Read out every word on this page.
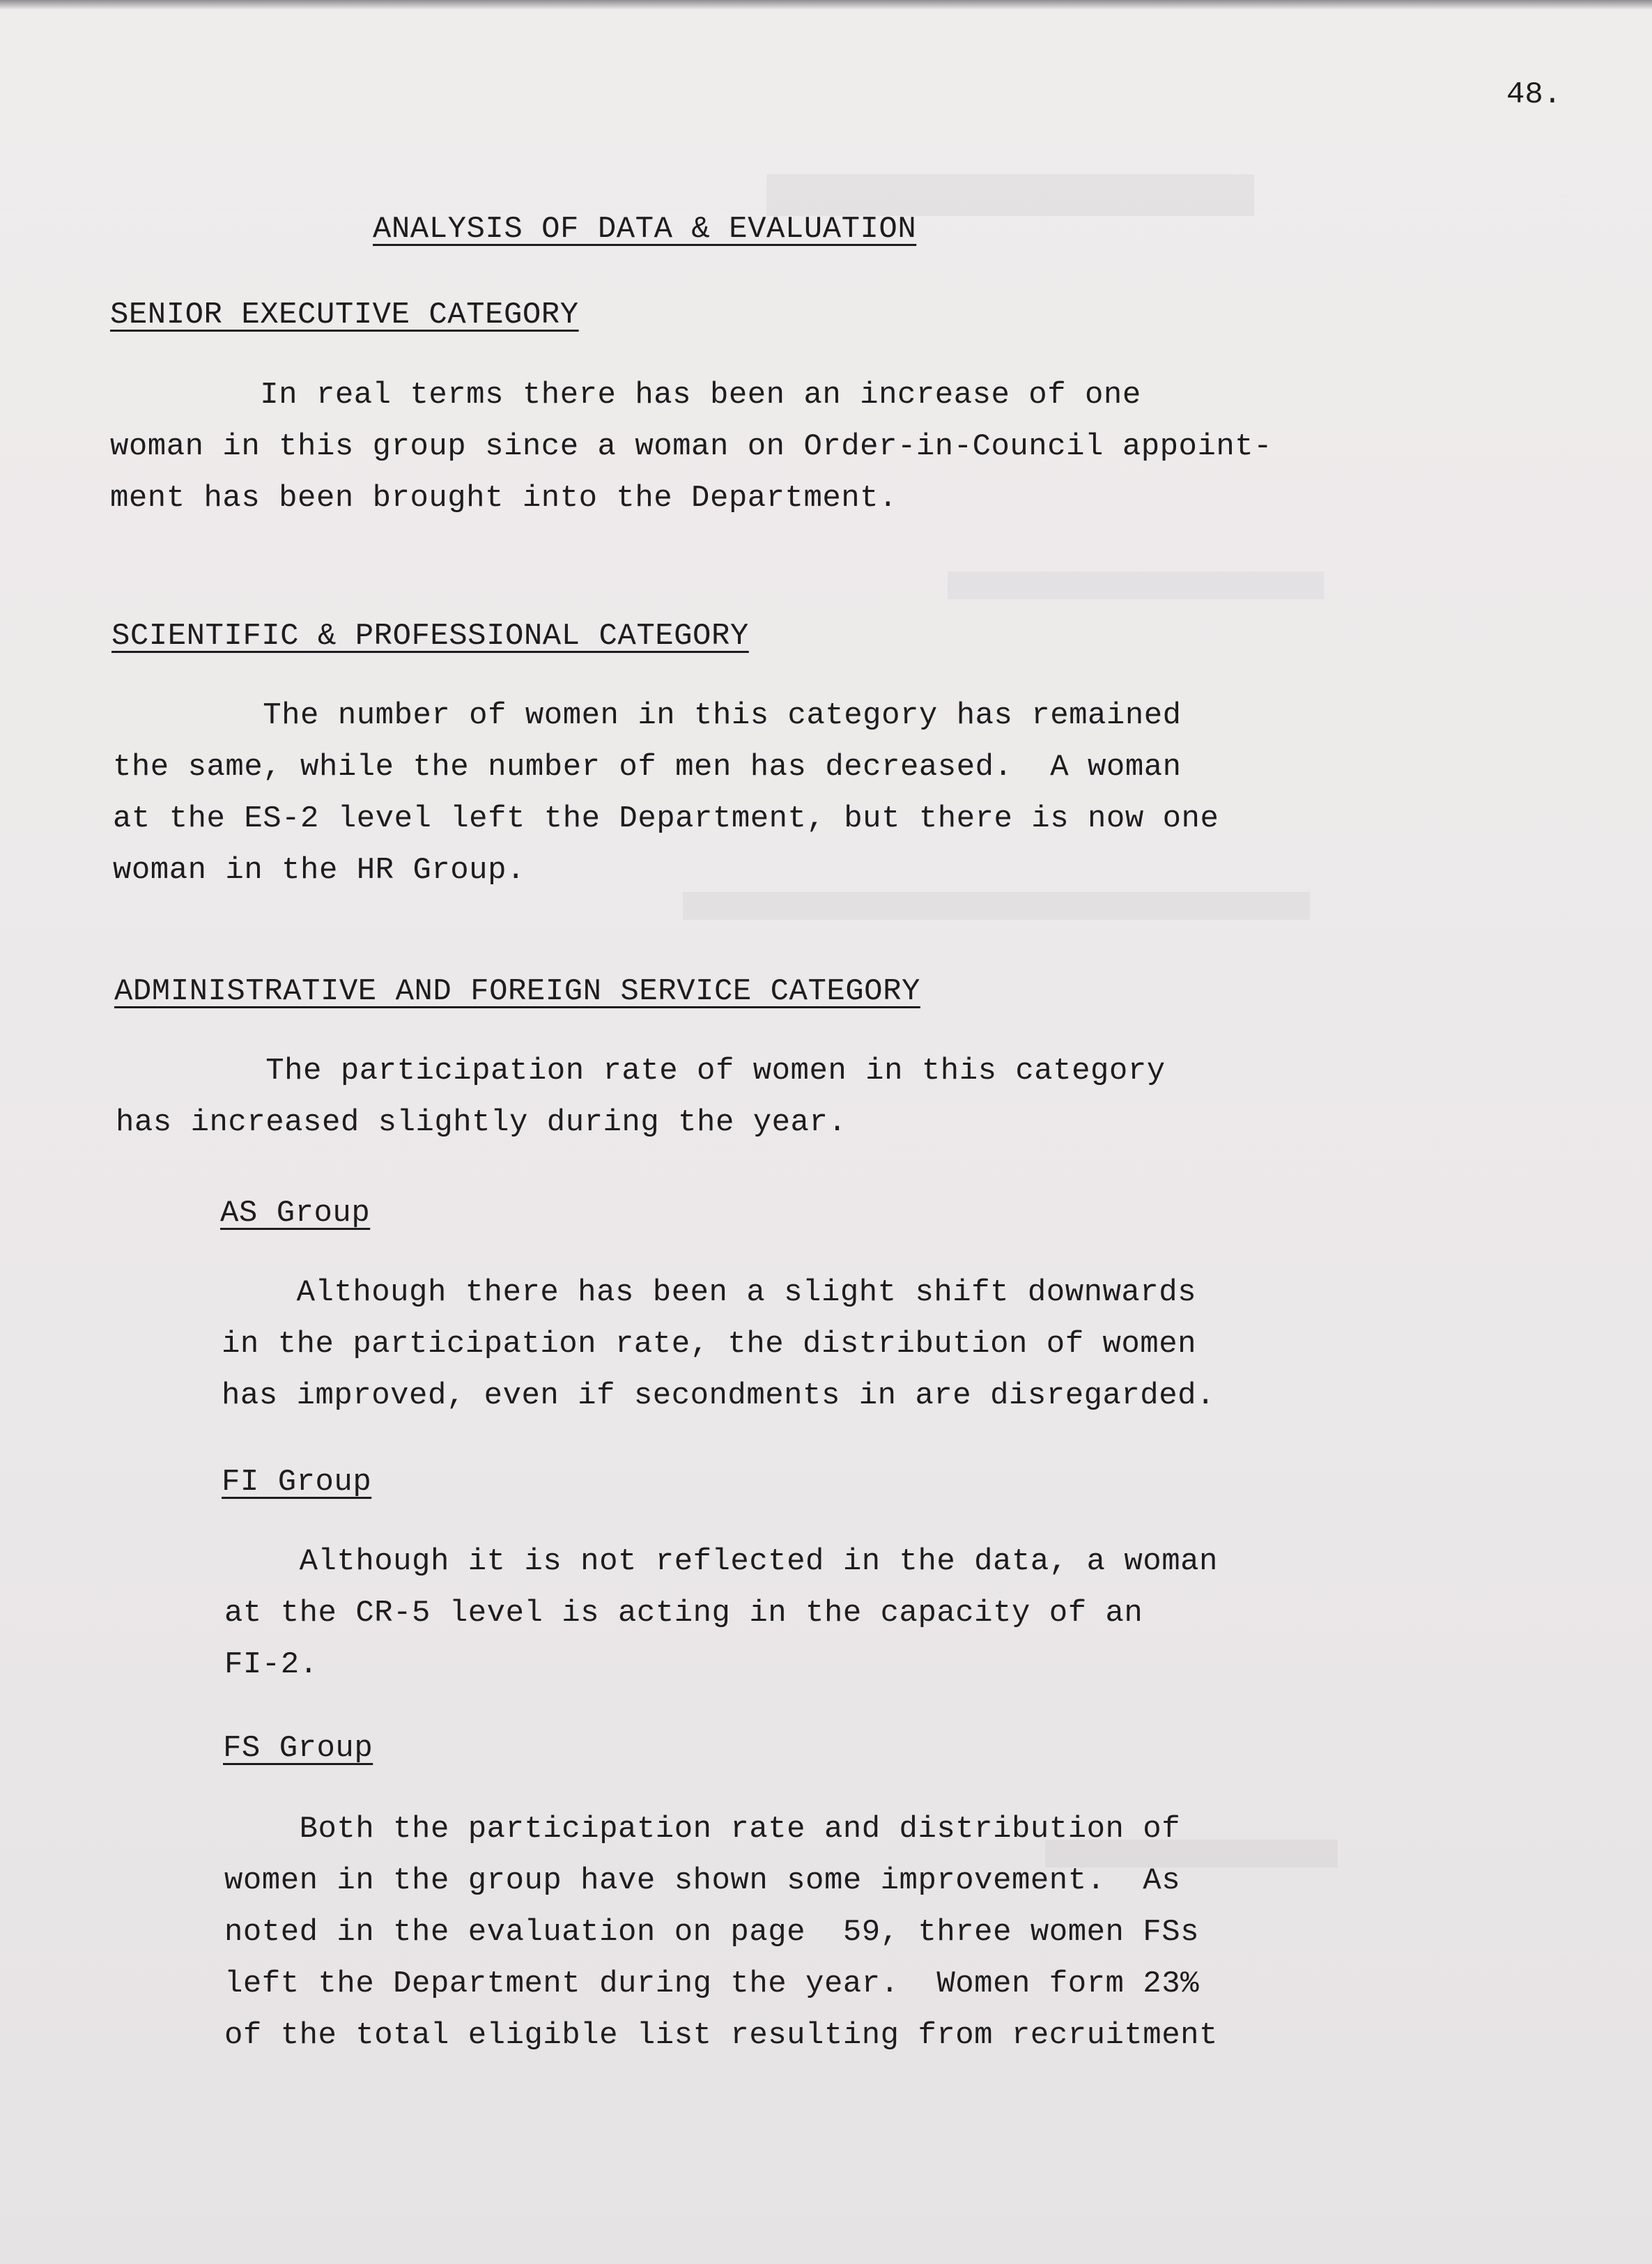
48.
ANALYSIS OF DATA & EVALUATION
SENIOR EXECUTIVE CATEGORY
In real terms there has been an increase of one
woman in this group since a woman on Order-in-Council appoint-
ment has been brought into the Department.
SCIENTIFIC & PROFESSIONAL CATEGORY
The number of women in this category has remained
the same, while the number of men has decreased.  A woman
at the ES-2 level left the Department, but there is now one
woman in the HR Group.
ADMINISTRATIVE AND FOREIGN SERVICE CATEGORY
The participation rate of women in this category
has increased slightly during the year.
AS Group
Although there has been a slight shift downwards
in the participation rate, the distribution of women
has improved, even if secondments in are disregarded.
FI Group
Although it is not reflected in the data, a woman
at the CR-5 level is acting in the capacity of an
FI-2.
FS Group
Both the participation rate and distribution of
women in the group have shown some improvement.  As
noted in the evaluation on page  59, three women FSs
left the Department during the year.  Women form 23%
of the total eligible list resulting from recruitment
